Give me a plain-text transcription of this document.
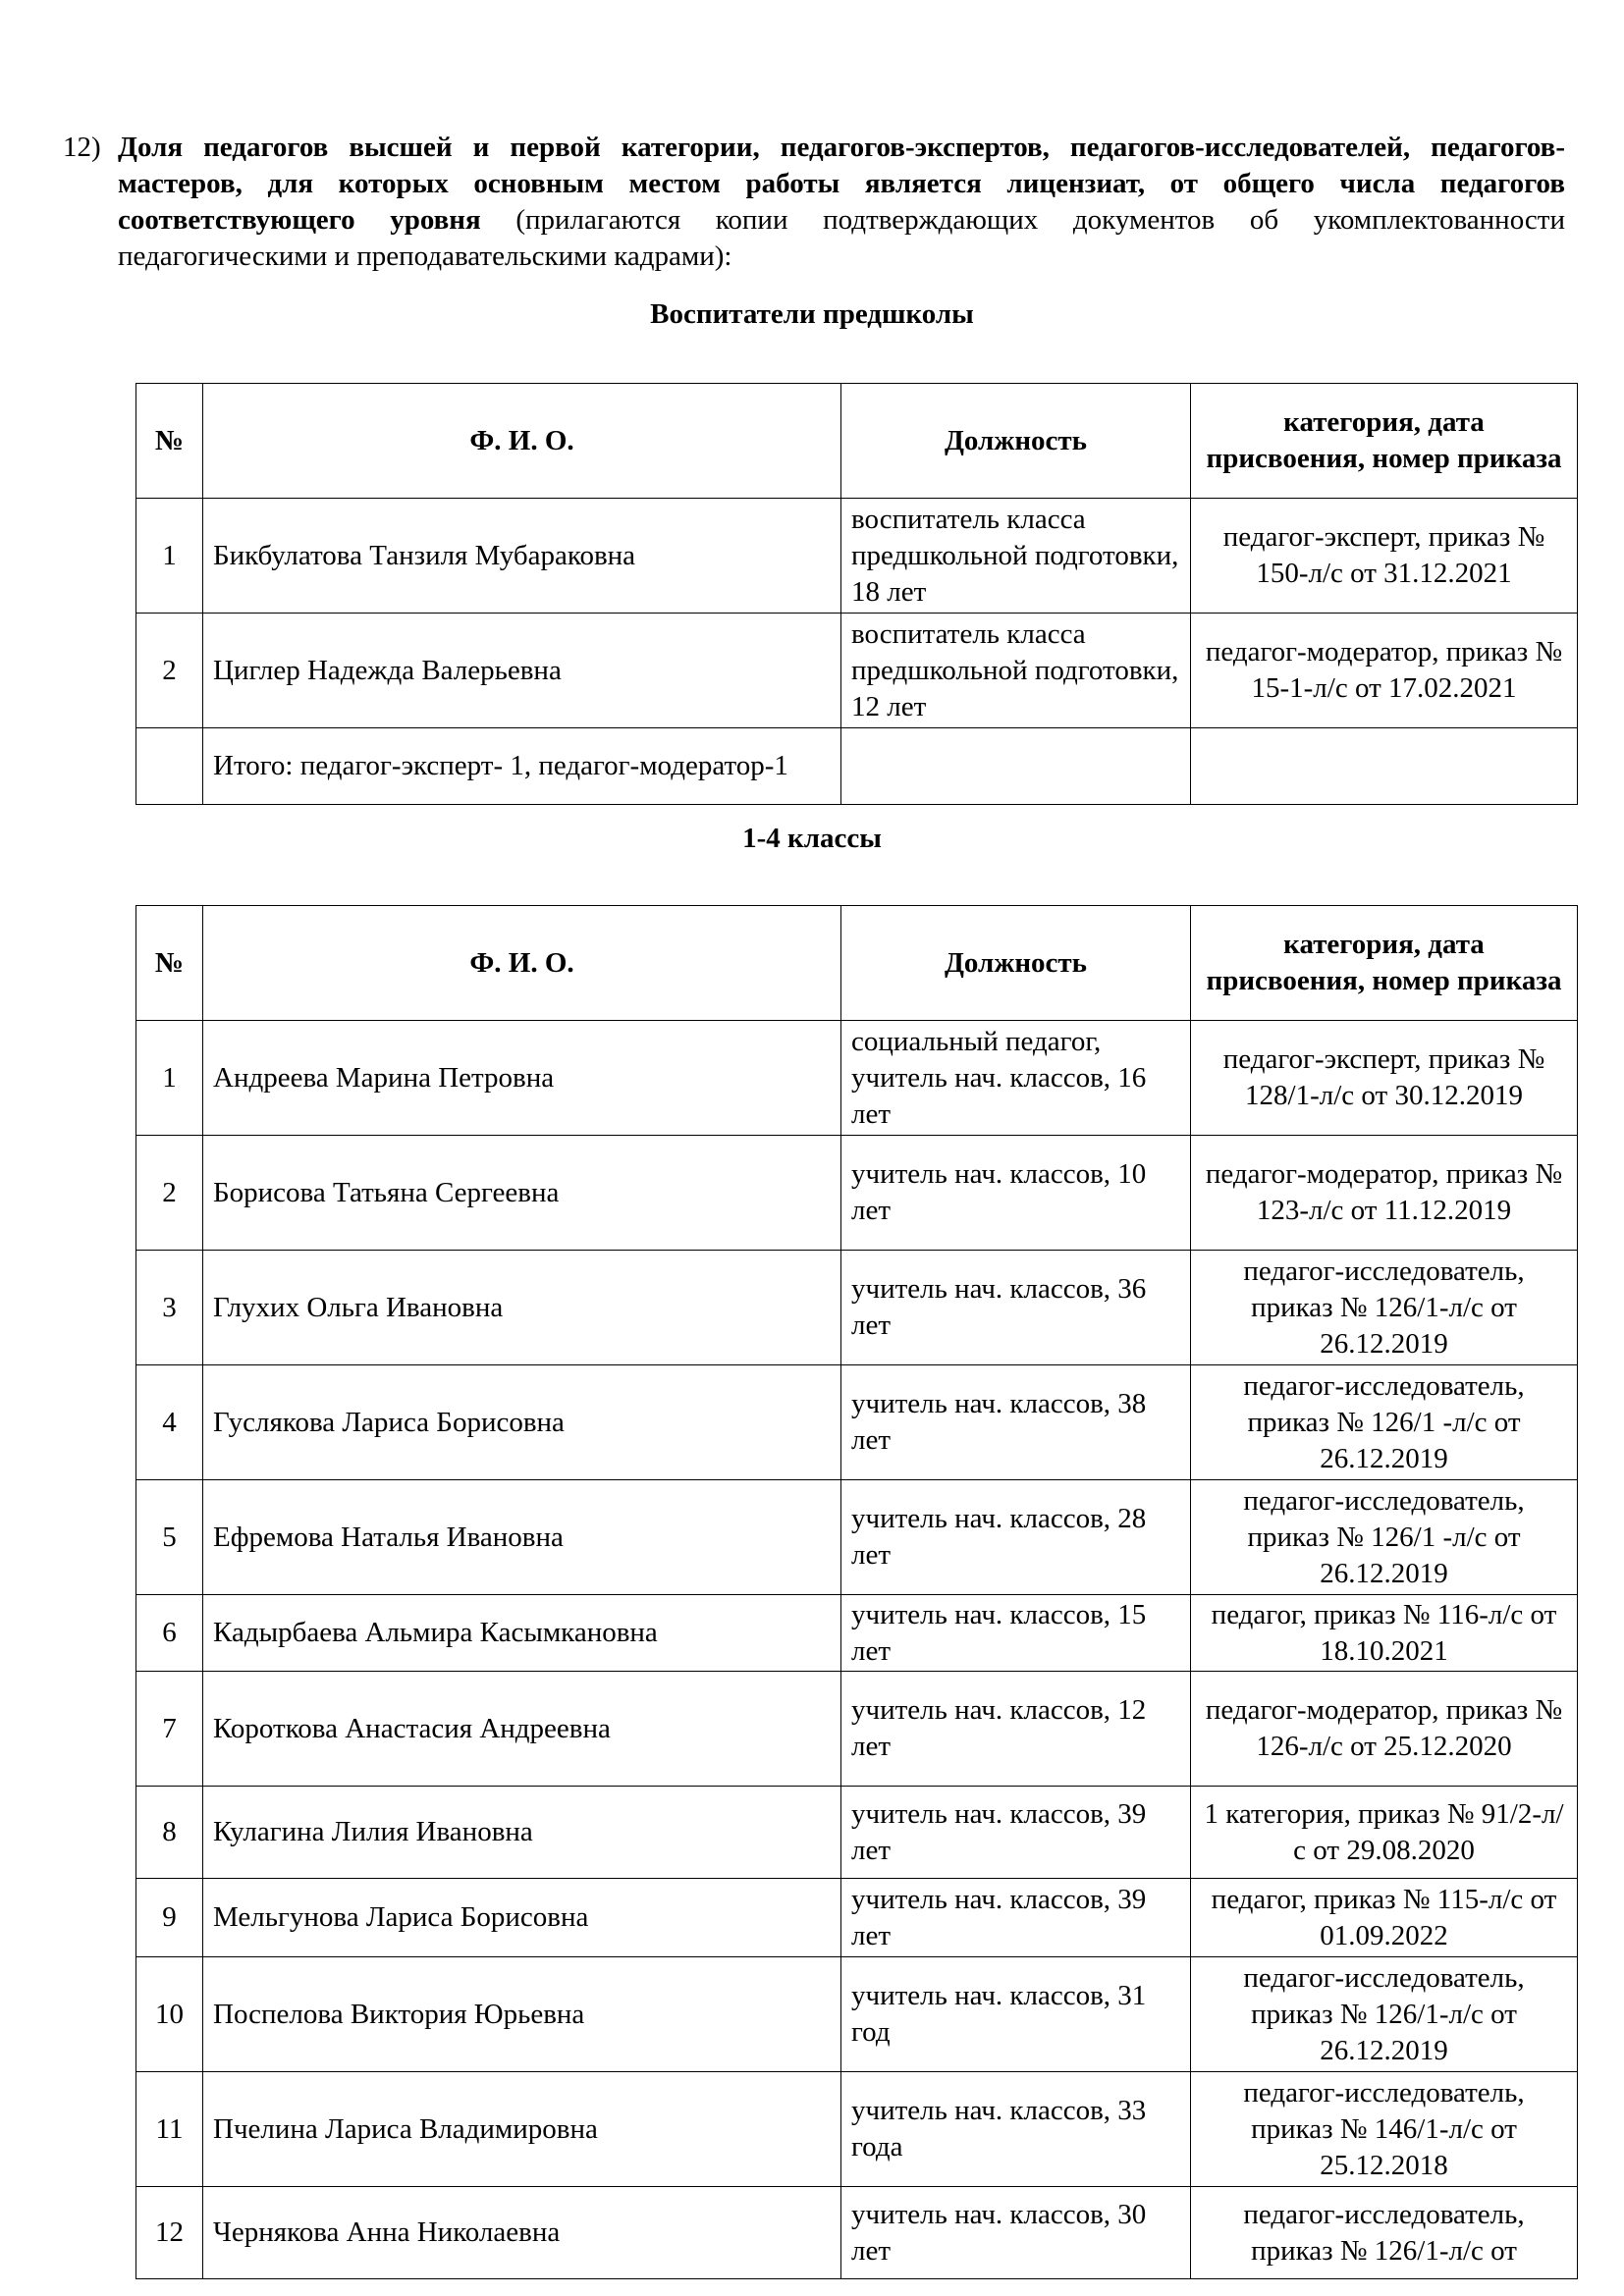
12) Доля педагогов высшей и первой категории, педагогов-экспертов, педагогов-исследователей, педагогов-мастеров, для которых основным местом работы является лицензиат, от общего числа педагогов соответствующего уровня (прилагаются копии подтверждающих документов об укомплектованности педагогическими и преподавательскими кадрами):
Воспитатели предшколы
№	Ф. И. О.	Должность	категория, дата присвоения, номер приказа
1	Бикбулатова Танзиля Мубараковна	воспитатель класса предшкольной подготовки, 18 лет	педагог-эксперт, приказ № 150-л/с от 31.12.2021
2	Циглер Надежда Валерьевна	воспитатель класса предшкольной подготовки, 12 лет	педагог-модератор, приказ № 15-1-л/с от 17.02.2021
	Итого: педагог-эксперт- 1, педагог-модератор-1		
1-4 классы
№	Ф. И. О.	Должность	категория, дата присвоения, номер приказа
1	Андреева Марина Петровна	социальный педагог, учитель нач. классов, 16 лет	педагог-эксперт, приказ № 128/1-л/с от 30.12.2019
2	Борисова Татьяна Сергеевна	учитель нач. классов, 10 лет	педагог-модератор, приказ № 123-л/с от 11.12.2019
3	Глухих Ольга Ивановна	учитель нач. классов, 36 лет	педагог-исследователь, приказ № 126/1-л/с от 26.12.2019
4	Гуслякова Лариса Борисовна	учитель нач. классов, 38 лет	педагог-исследователь, приказ № 126/1 -л/с от 26.12.2019
5	Ефремова Наталья Ивановна	учитель нач. классов, 28 лет	педагог-исследователь, приказ № 126/1 -л/с от 26.12.2019
6	Кадырбаева Альмира Касымкановна	учитель нач. классов, 15 лет	педагог, приказ № 116-л/с от 18.10.2021
7	Короткова Анастасия Андреевна	учитель нач. классов, 12 лет	педагог-модератор, приказ № 126-л/с от 25.12.2020
8	Кулагина Лилия Ивановна	учитель нач. классов, 39 лет	1 категория, приказ № 91/2-л/с от 29.08.2020
9	Мельгунова Лариса Борисовна	учитель нач. классов, 39 лет	педагог, приказ № 115-л/с от 01.09.2022
10	Поспелова Виктория Юрьевна	учитель нач. классов, 31 год	педагог-исследователь, приказ № 126/1-л/с от 26.12.2019
11	Пчелина Лариса Владимировна	учитель нач. классов, 33 года	педагог-исследователь, приказ № 146/1-л/с от 25.12.2018
12	Чернякова Анна Николаевна	учитель нач. классов, 30 лет	педагог-исследователь, приказ № 126/1-л/с от
